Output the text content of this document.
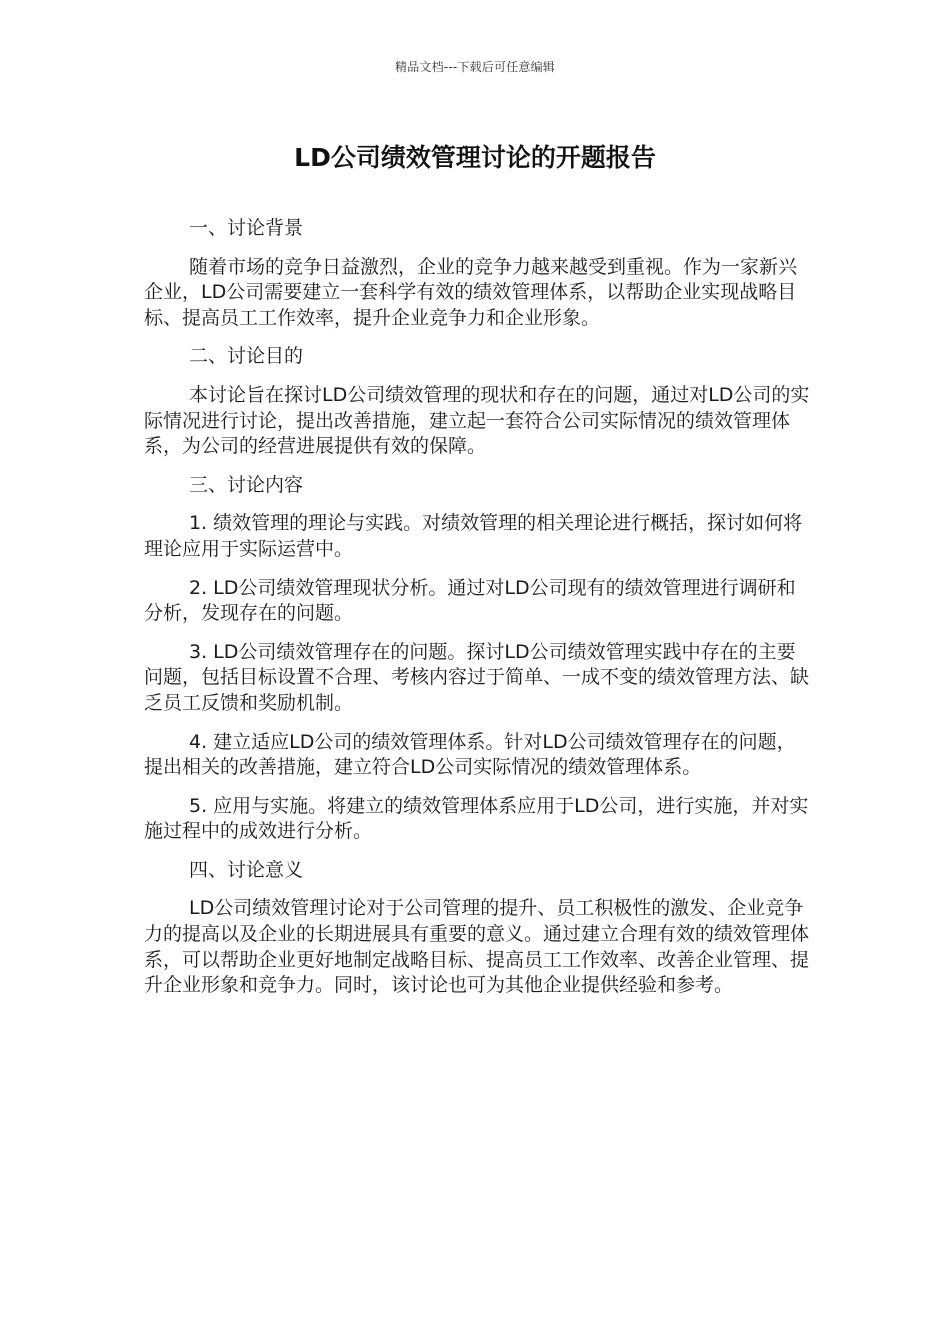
精品文档---下载后可任意编辑
LD公司绩效管理讨论的开题报告

一、讨论背景

随着市场的竞争日益激烈，企业的竞争力越来越受到重视。作为一家新兴企业，LD公司需要建立一套科学有效的绩效管理体系，以帮助企业实现战略目标、提高员工工作效率，提升企业竞争力和企业形象。

二、讨论目的

本讨论旨在探讨LD公司绩效管理的现状和存在的问题，通过对LD公司的实际情况进行讨论，提出改善措施，建立起一套符合公司实际情况的绩效管理体系，为公司的经营进展提供有效的保障。

三、讨论内容

1. 绩效管理的理论与实践。对绩效管理的相关理论进行概括，探讨如何将理论应用于实际运营中。

2. LD公司绩效管理现状分析。通过对LD公司现有的绩效管理进行调研和分析，发现存在的问题。

3. LD公司绩效管理存在的问题。探讨LD公司绩效管理实践中存在的主要问题，包括目标设置不合理、考核内容过于简单、一成不变的绩效管理方法、缺乏员工反馈和奖励机制。

4. 建立适应LD公司的绩效管理体系。针对LD公司绩效管理存在的问题，提出相关的改善措施，建立符合LD公司实际情况的绩效管理体系。

5. 应用与实施。将建立的绩效管理体系应用于LD公司，进行实施，并对实施过程中的成效进行分析。

四、讨论意义

LD公司绩效管理讨论对于公司管理的提升、员工积极性的激发、企业竞争力的提高以及企业的长期进展具有重要的意义。通过建立合理有效的绩效管理体系，可以帮助企业更好地制定战略目标、提高员工工作效率、改善企业管理、提升企业形象和竞争力。同时，该讨论也可为其他企业提供经验和参考。
